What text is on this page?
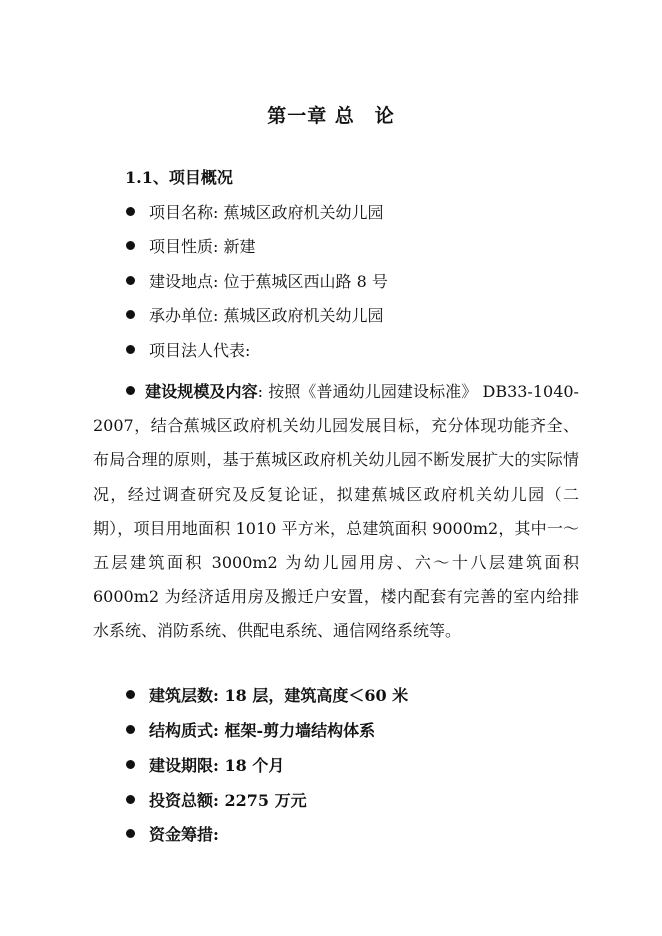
第一章 总　论
1.1、项目概况
项目名称: 蕉城区政府机关幼儿园
项目性质: 新建
建设地点: 位于蕉城区西山路 8 号
承办单位: 蕉城区政府机关幼儿园
项目法人代表:
建设规模及内容: 按照《普通幼儿园建设标准》 DB33-1040-2007，结合蕉城区政府机关幼儿园发展目标，充分体现功能齐全、布局合理的原则，基于蕉城区政府机关幼儿园不断发展扩大的实际情况，经过调查研究及反复论证，拟建蕉城区政府机关幼儿园（二期），项目用地面积 1010 平方米，总建筑面积 9000m2，其中一～五层建筑面积 3000m2 为幼儿园用房、六～十八层建筑面积 6000m2 为经济适用房及搬迁户安置，楼内配套有完善的室内给排水系统、消防系统、供配电系统、通信网络系统等。
建筑层数: 18 层，建筑高度＜60 米
结构质式: 框架-剪力墙结构体系
建设期限: 18 个月
投资总额: 2275 万元
资金筹措:
